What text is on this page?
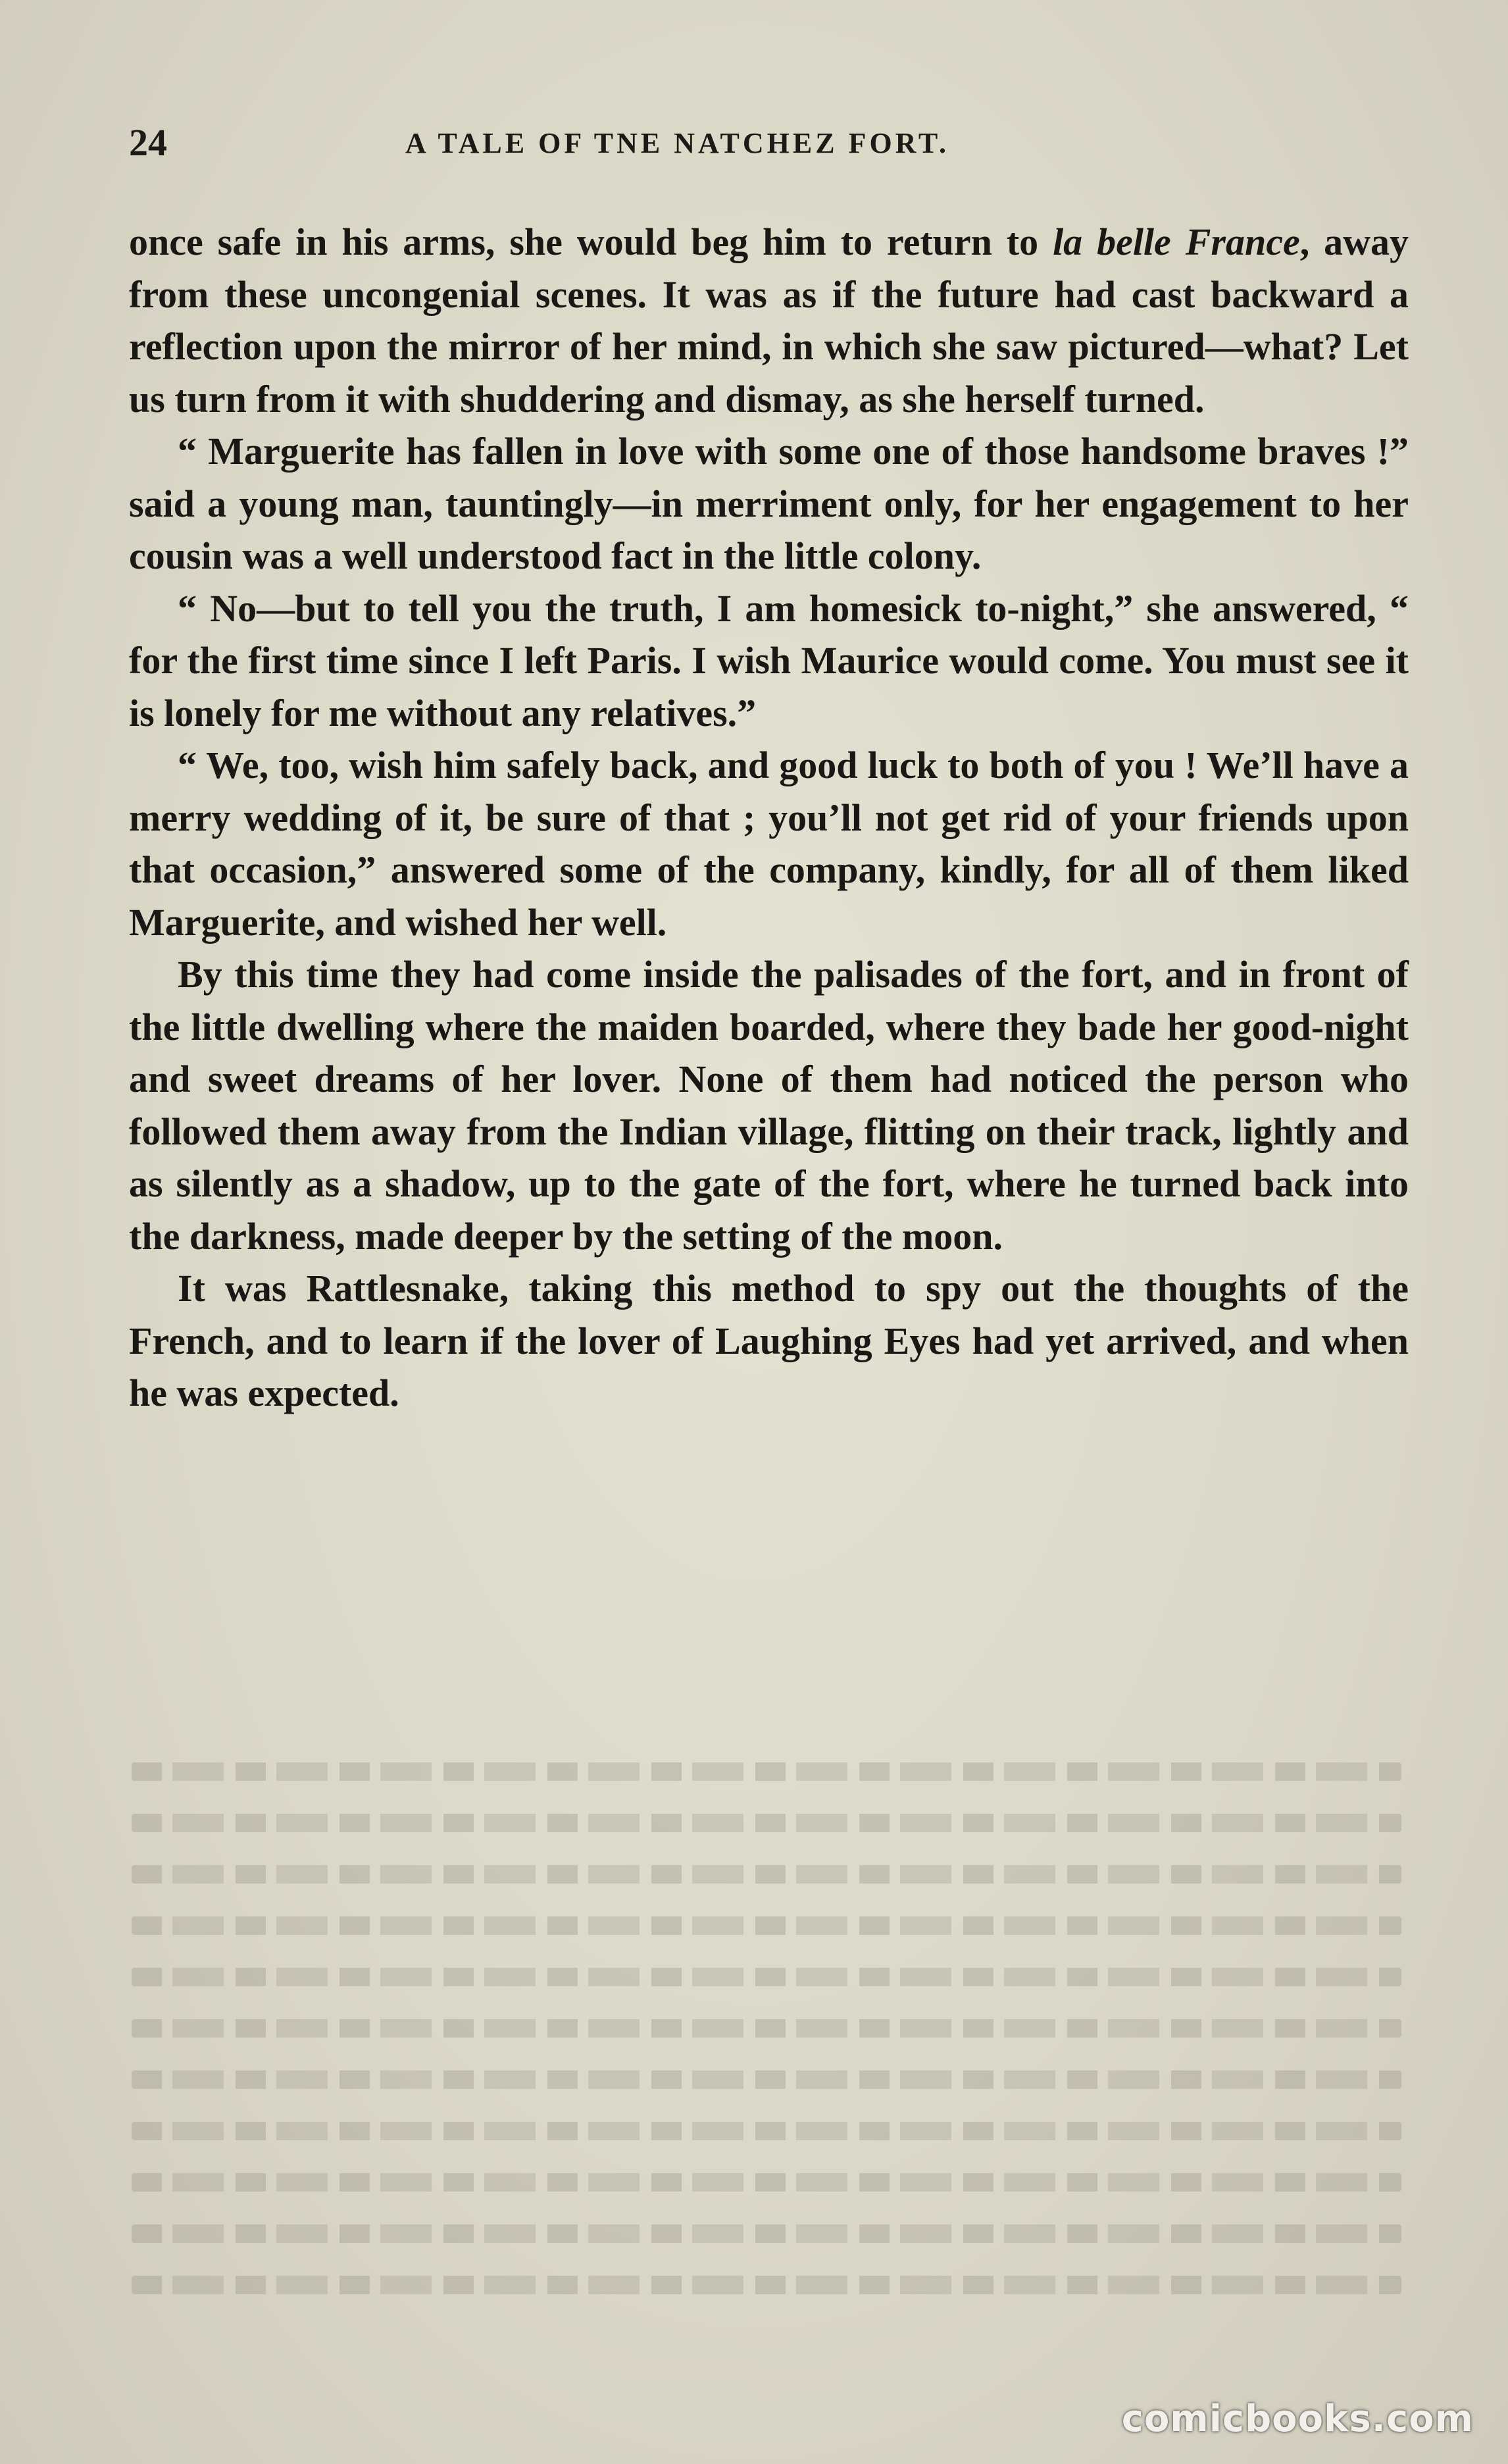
24	A TALE OF TNE NATCHEZ FORT.

once safe in his arms, she would beg him to return to la belle France, away from these uncongenial scenes. It was as if the future had cast backward a reflection upon the mirror of her mind, in which she saw pictured—what? Let us turn from it with shuddering and dismay, as she herself turned.

“ Marguerite has fallen in love with some one of those handsome braves !” said a young man, tauntingly—in merriment only, for her engagement to her cousin was a well understood fact in the little colony.

“ No—but to tell you the truth, I am homesick to-night,” she answered, “ for the first time since I left Paris. I wish Maurice would come. You must see it is lonely for me without any relatives.”

“ We, too, wish him safely back, and good luck to both of you ! We’ll have a merry wedding of it, be sure of that ; you’ll not get rid of your friends upon that occasion,” answered some of the company, kindly, for all of them liked Marguerite, and wished her well.

By this time they had come inside the palisades of the fort, and in front of the little dwelling where the maiden boarded, where they bade her good-night and sweet dreams of her lover. None of them had noticed the person who followed them away from the Indian village, flitting on their track, lightly and as silently as a shadow, up to the gate of the fort, where he turned back into the darkness, made deeper by the setting of the moon.

It was Rattlesnake, taking this method to spy out the thoughts of the French, and to learn if the lover of Laughing Eyes had yet arrived, and when he was expected.

comicbooks.com
